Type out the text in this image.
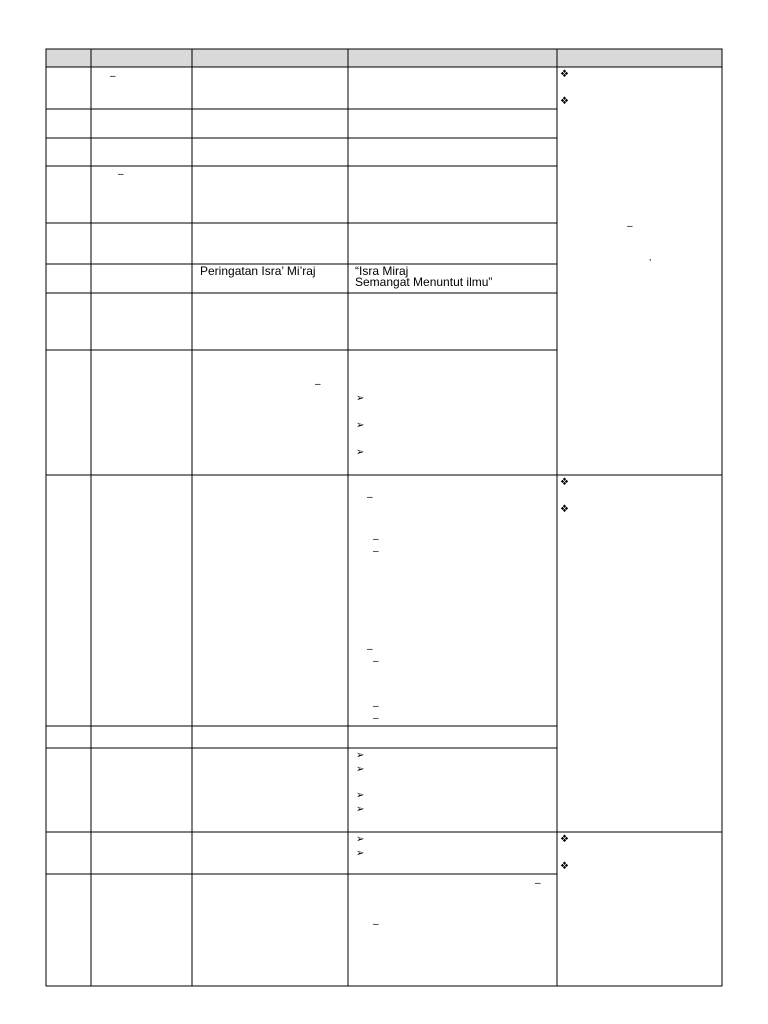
Peringatan Isra’ Mi’raj	“Isra Miraj
Semangat Menuntut ilmu”
–
–
–
–
–
–
–
–
–
–
–
–
–
’
❖
❖
❖
❖
❖
❖
➢
➢
➢
➢
➢
➢
➢
➢
➢
